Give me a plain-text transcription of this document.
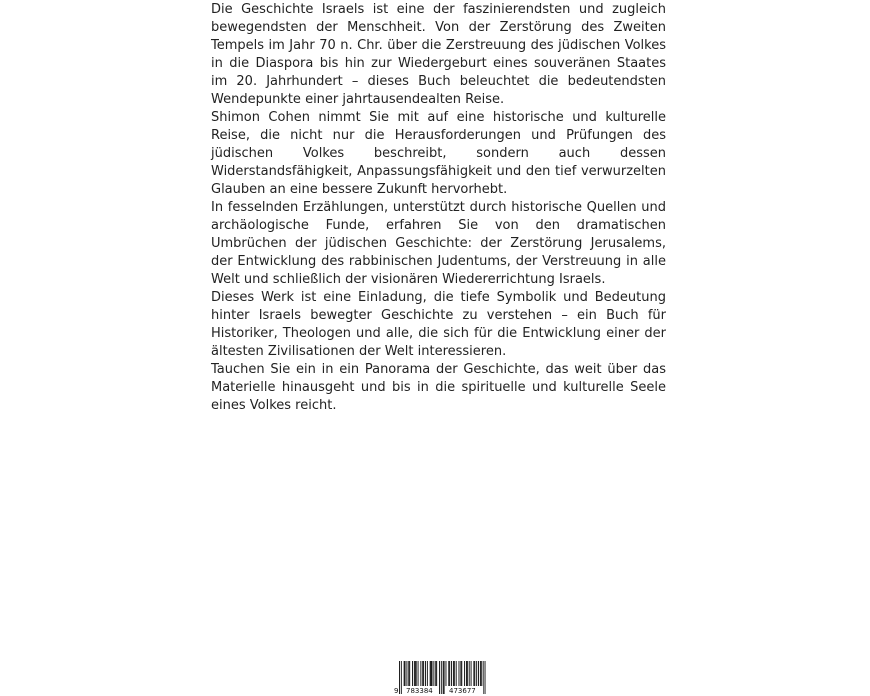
Die Geschichte Israels ist eine der faszinierendsten und zugleich bewegendsten der Menschheit. Von der Zerstörung des Zweiten Tempels im Jahr 70 n. Chr. über die Zerstreuung des jüdischen Volkes in die Diaspora bis hin zur Wiedergeburt eines souveränen Staates im 20. Jahrhundert – dieses Buch beleuchtet die bedeutendsten Wendepunkte einer jahrtausendealten Reise.

Shimon Cohen nimmt Sie mit auf eine historische und kulturelle Reise, die nicht nur die Herausforderungen und Prüfungen des jüdischen Volkes beschreibt, sondern auch dessen Widerstandsfähigkeit, Anpassungsfähigkeit und den tief verwurzelten Glauben an eine bessere Zukunft hervorhebt.

In fesselnden Erzählungen, unterstützt durch historische Quellen und archäologische Funde, erfahren Sie von den dramatischen Umbrüchen der jüdischen Geschichte: der Zerstörung Jerusalems, der Entwicklung des rabbinischen Judentums, der Verstreuung in alle Welt und schließlich der visionären Wiedererrichtung Israels.

Dieses Werk ist eine Einladung, die tiefe Symbolik und Bedeutung hinter Israels bewegter Geschichte zu verstehen – ein Buch für Historiker, Theologen und alle, die sich für die Entwicklung einer der ältesten Zivilisationen der Welt interessieren.

Tauchen Sie ein in ein Panorama der Geschichte, das weit über das Materielle hinausgeht und bis in die spirituelle und kulturelle Seele eines Volkes reicht.

9 783384 473677
